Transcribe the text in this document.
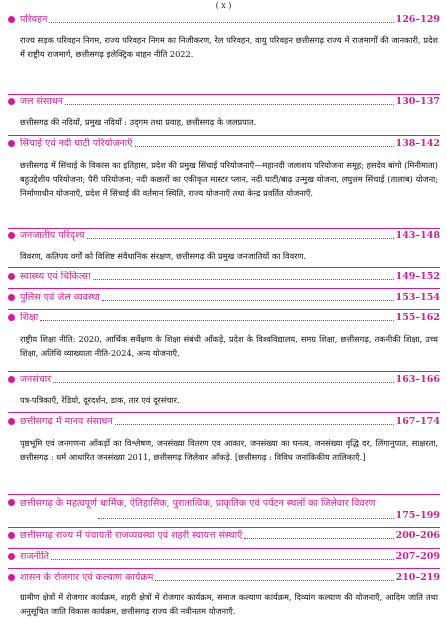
( x )
परिवहन	126–129
राज्य सड़क परिवहन निगम, राज्य परिवहन निगम का निजीकरण, रेल परिवहन, वायु परिवहन छत्तीसगढ़ राज्य में राजमार्गों की जानकारी, प्रदेश में राष्ट्रीय राजमार्ग, छत्तीसगढ़ इलेक्ट्रिक वाहन नीति 2022.
जल संसाधन	130–137
छत्तीसगढ़ की नदियाँ, प्रमुख नदियाँ : उद्‌गम तथा प्रवाह, छत्तीसगढ़ के जलप्रपात.
सिंचाई एवं नदी घाटी परियोजनाएँ	138–142
छत्तीसगढ़ में सिंचाई के विकास का इतिहास, प्रदेश की प्रमुख सिंचाई परियोजनाएँ—महानदी जलाशय परियोजना समूह; हसदेव बांगो (मिनीमाता) बहुउद्देशीय परियोजना; पैरी परियोजना; नदी कछारों का एकीकृत मास्टर प्लान, नदी घाटी/बाढ़ उन्मुख योजना, लघुत्तम सिंचाई (तालाब) योजना; निर्माणाधीन योजनाएँ, प्रदेश में सिंचाई की वर्तमान स्थिति, राज्य योजनाएँ तथा केन्द्र प्रवर्तित योजनाएँ.
जनजातीय परिदृश्य	143–148
विवरण, कतिपय वर्गों को विशिष्ट संवैधानिक संरक्षण, छत्तीसगढ़ की प्रमुख जनजातियों का विवरण.
स्वास्थ्य एवं चिकित्सा	149–152
पुलिस एवं जेल व्यवस्था	153–154
शिक्षा	155–162
राष्ट्रीय शिक्षा नीति: 2020, आर्थिक सर्वेक्षण के शिक्षा संबंधी आँकड़े, प्रदेश के विश्वविद्यालय, समग्र शिक्षा, छत्तीसगढ़, तकनीकी शिक्षा, उच्च शिक्षा, अतिथि व्याख्याता नीति-2024, अन्य योजनाएँ.
जनसंचार	163–166
पत्र-पत्रिकाएँ, रेडियो, दूरदर्शन, डाक, तार एवं दूरसंचार.
छत्तीसगढ़ में मानव संसाधन	167–174
पृष्ठभूमि एवं जनगणना आँकड़ों का विश्लेषण, जनसंख्या वितरण एव आकार, जनसंख्या का घनत्व, जनसंख्या वृद्धि दर, लिंगानुपात, साक्षरता, छत्तीसगढ़ : धर्म आधारित जनसंख्या 2011, छत्तीसगढ़ जिलेवार आँकड़े. [छत्तीसगढ़ : विविध जनांकिकीय तालिकाएँ.]
छत्तीसगढ़ के महत्वपूर्ण धार्मिक, ऐतिहासिक, पुरातात्विक, प्राकृतिक एवं पर्यटन स्थलों का जिलेवार विवरण
175–199
छत्तीसगढ़ राज्य में पंचायती राजव्यवस्था एवं शहरी स्वायत्त संस्थाएँ	200–206
राजनीति	207–209
शासन के रोजगार एवं कल्याण कार्यक्रम	210–219
ग्रामीण क्षेत्रों में रोजगार कार्यक्रम, शहरी क्षेत्रों में रोजगार कार्यक्रम, समाज कल्याण कार्यक्रम, दिव्यांग कल्याण की योजनाएँ, आदिम जाति तथा अनुसूचित जाति विकास कार्यक्रम, छत्तीसगढ़ राज्य की नवीनतम योजनाएँ.
